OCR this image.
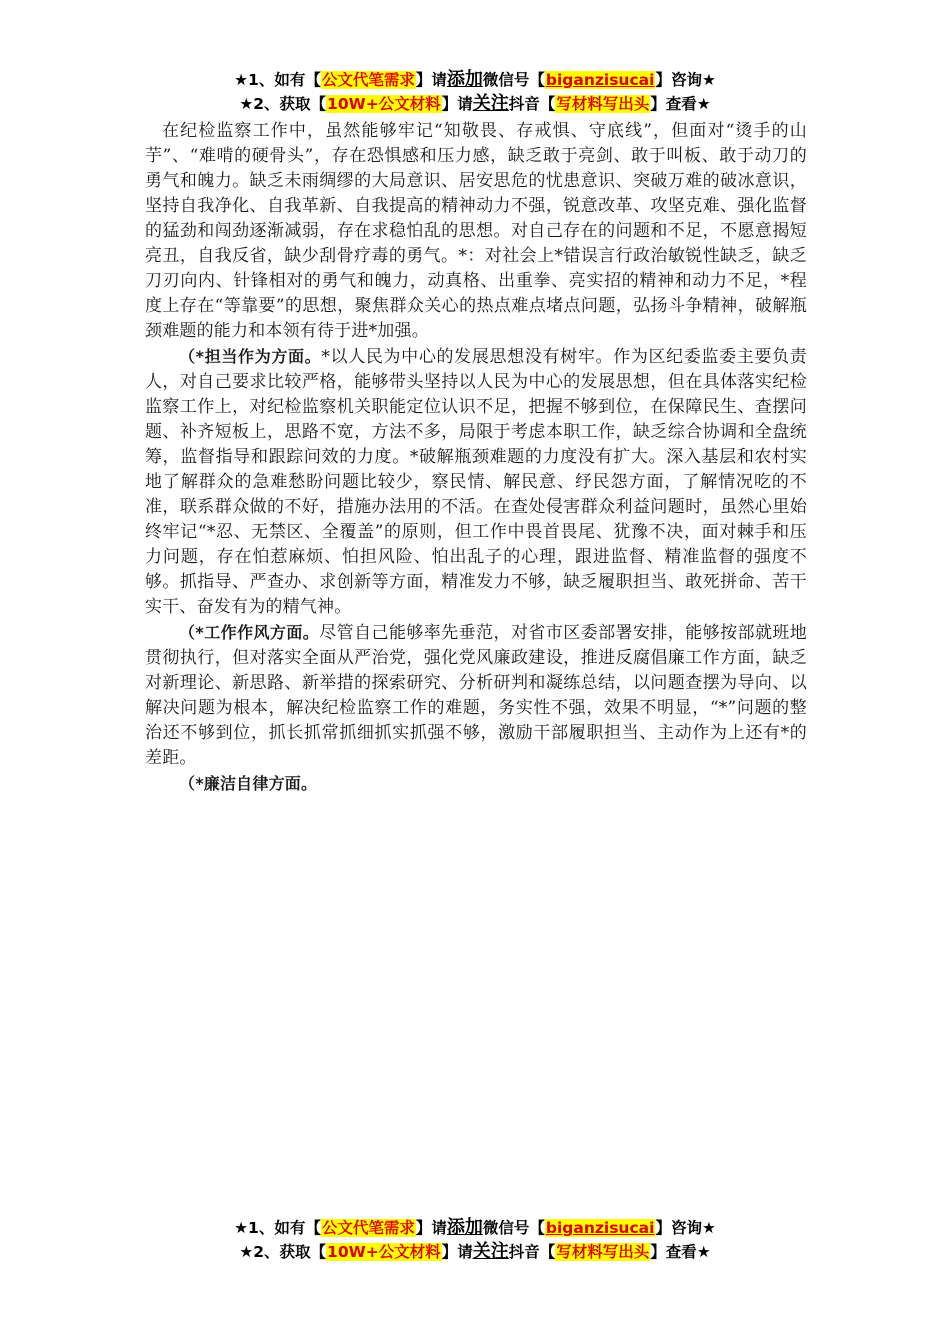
★1、如有【公文代笔需求】请添加微信号【biganzisucai】咨询★
★2、获取【10W+公文材料】请关注抖音【写材料写出头】查看★

在纪检监察工作中，虽然能够牢记“知敬畏、存戒惧、守底线”，但面对“烫手的山芋”、“难啃的硬骨头”，存在恐惧感和压力感，缺乏敢于亮剑、敢于叫板、敢于动刀的勇气和魄力。缺乏未雨绸缪的大局意识、居安思危的忧患意识、突破万难的破冰意识，坚持自我净化、自我革新、自我提高的精神动力不强，锐意改革、攻坚克难、强化监督的猛劲和闯劲逐渐减弱，存在求稳怕乱的思想。对自己存在的问题和不足，不愿意揭短亮丑，自我反省，缺少刮骨疗毒的勇气。*：对社会上*错误言行政治敏锐性缺乏，缺乏刀刃向内、针锋相对的勇气和魄力，动真格、出重拳、亮实招的精神和动力不足，*程度上存在“等靠要”的思想，聚焦群众关心的热点难点堵点问题，弘扬斗争精神，破解瓶颈难题的能力和本领有待于进*加强。

（*担当作为方面。*以人民为中心的发展思想没有树牢。作为区纪委监委主要负责人，对自己要求比较严格，能够带头坚持以人民为中心的发展思想，但在具体落实纪检监察工作上，对纪检监察机关职能定位认识不足，把握不够到位，在保障民生、查摆问题、补齐短板上，思路不宽，方法不多，局限于考虑本职工作，缺乏综合协调和全盘统筹，监督指导和跟踪问效的力度。*破解瓶颈难题的力度没有扩大。深入基层和农村实地了解群众的急难愁盼问题比较少，察民情、解民意、纾民怨方面，了解情况吃的不准，联系群众做的不好，措施办法用的不活。在查处侵害群众利益问题时，虽然心里始终牢记“*忍、无禁区、全覆盖”的原则，但工作中畏首畏尾、犹豫不决，面对棘手和压力问题，存在怕惹麻烦、怕担风险、怕出乱子的心理，跟进监督、精准监督的强度不够。抓指导、严查办、求创新等方面，精准发力不够，缺乏履职担当、敢死拼命、苦干实干、奋发有为的精气神。

（*工作作风方面。尽管自己能够率先垂范，对省市区委部署安排，能够按部就班地贯彻执行，但对落实全面从严治党，强化党风廉政建设，推进反腐倡廉工作方面，缺乏对新理论、新思路、新举措的探索研究、分析研判和凝练总结，以问题查摆为导向、以解决问题为根本，解决纪检监察工作的难题，务实性不强，效果不明显，“*”问题的整治还不够到位，抓长抓常抓细抓实抓强不够，激励干部履职担当、主动作为上还有*的差距。

（*廉洁自律方面。

★1、如有【公文代笔需求】请添加微信号【biganzisucai】咨询★
★2、获取【10W+公文材料】请关注抖音【写材料写出头】查看★
